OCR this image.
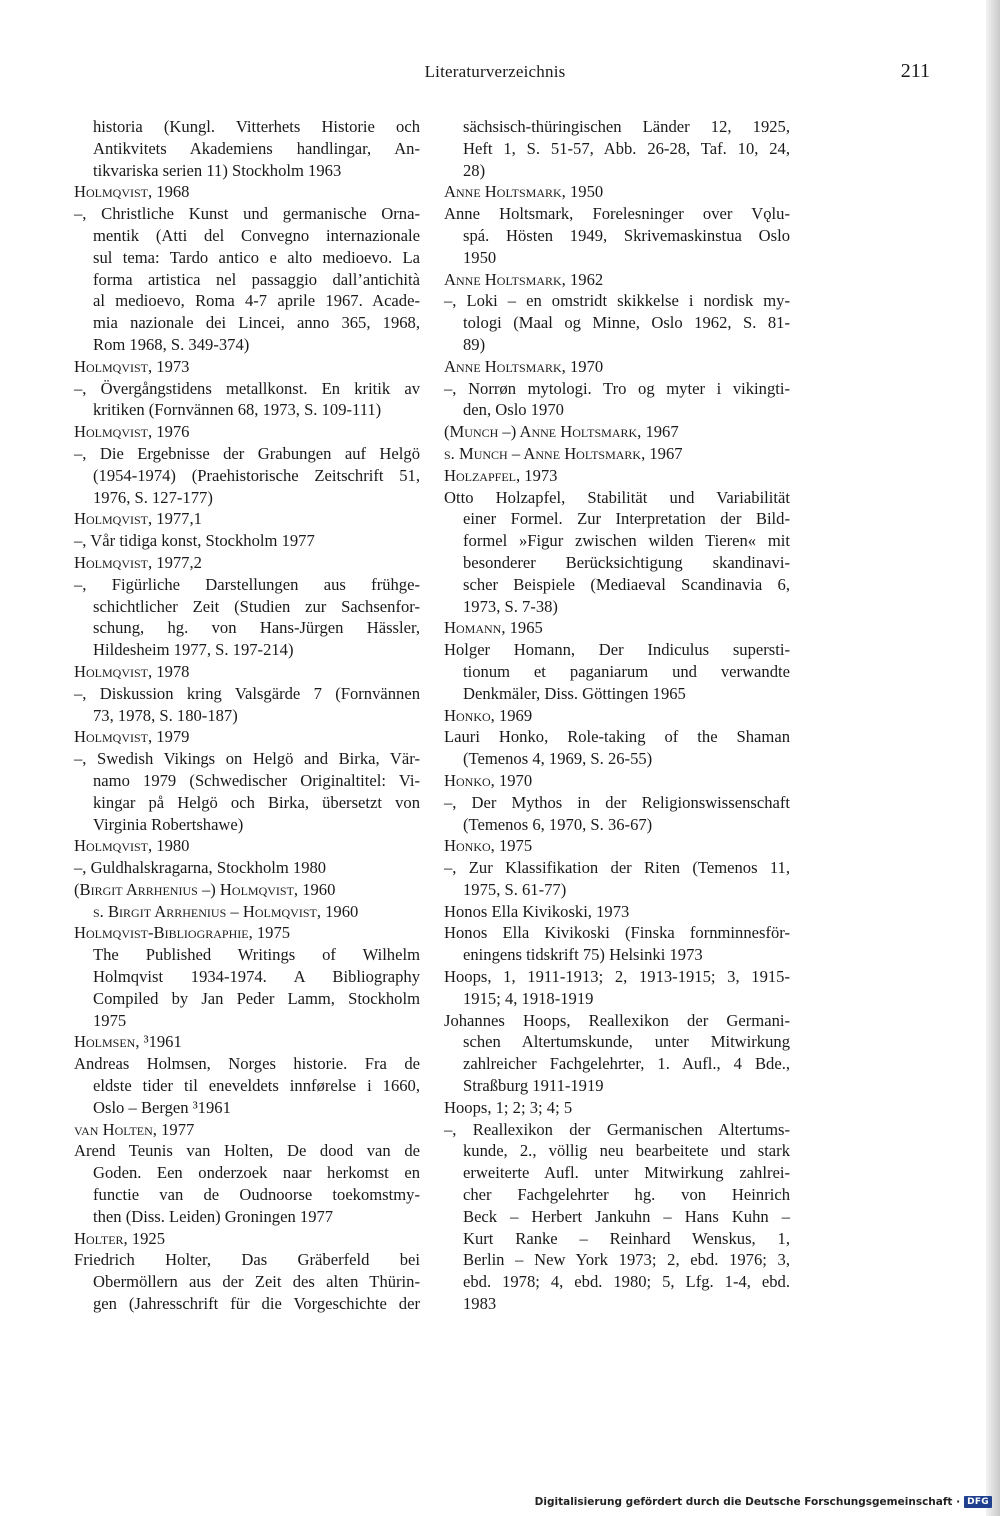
Literaturverzeichnis	211
historia (Kungl. Vitterhets Historie och
Antikvitets Akademiens handlingar, An-
tikvariska serien 11) Stockholm 1963
Holmqvist, 1968
–, Christliche Kunst und germanische Orna-
mentik (Atti del Convegno internazionale
sul tema: Tardo antico e alto medioevo. La
forma artistica nel passaggio dall’antichità
al medioevo, Roma 4-7 aprile 1967. Acade-
mia nazionale dei Lincei, anno 365, 1968,
Rom 1968, S. 349-374)
Holmqvist, 1973
–, Övergångstidens metallkonst. En kritik av
kritiken (Fornvännen 68, 1973, S. 109-111)
Holmqvist, 1976
–, Die Ergebnisse der Grabungen auf Helgö
(1954-1974) (Praehistorische Zeitschrift 51,
1976, S. 127-177)
Holmqvist, 1977,1
–, Vår tidiga konst, Stockholm 1977
Holmqvist, 1977,2
–, Figürliche Darstellungen aus frühge-
schichtlicher Zeit (Studien zur Sachsenfor-
schung, hg. von Hans-Jürgen Hässler,
Hildesheim 1977, S. 197-214)
Holmqvist, 1978
–, Diskussion kring Valsgärde 7 (Fornvännen
73, 1978, S. 180-187)
Holmqvist, 1979
–, Swedish Vikings on Helgö and Birka, Vär-
namo 1979 (Schwedischer Originaltitel: Vi-
kingar på Helgö och Birka, übersetzt von
Virginia Robertshawe)
Holmqvist, 1980
–, Guldhalskragarna, Stockholm 1980
(Birgit Arrhenius –) Holmqvist, 1960
s. Birgit Arrhenius – Holmqvist, 1960
Holmqvist-Bibliographie, 1975
The Published Writings of Wilhelm
Holmqvist 1934-1974. A Bibliography
Compiled by Jan Peder Lamm, Stockholm
1975
Holmsen, ³1961
Andreas Holmsen, Norges historie. Fra de
eldste tider til eneveldets innførelse i 1660,
Oslo – Bergen ³1961
van Holten, 1977
Arend Teunis van Holten, De dood van de
Goden. Een onderzoek naar herkomst en
functie van de Oudnoorse toekomstmy-
then (Diss. Leiden) Groningen 1977
Holter, 1925
Friedrich Holter, Das Gräberfeld bei
Obermöllern aus der Zeit des alten Thürin-
gen (Jahresschrift für die Vorgeschichte der
sächsisch-thüringischen Länder 12, 1925,
Heft 1, S. 51-57, Abb. 26-28, Taf. 10, 24,
28)
Anne Holtsmark, 1950
Anne Holtsmark, Forelesninger over Vǫlu-
spá. Hösten 1949, Skrivemaskinstua Oslo
1950
Anne Holtsmark, 1962
–, Loki – en omstridt skikkelse i nordisk my-
tologi (Maal og Minne, Oslo 1962, S. 81-
89)
Anne Holtsmark, 1970
–, Norrøn mytologi. Tro og myter i vikingti-
den, Oslo 1970
(Munch –) Anne Holtsmark, 1967
s. Munch – Anne Holtsmark, 1967
Holzapfel, 1973
Otto Holzapfel, Stabilität und Variabilität
einer Formel. Zur Interpretation der Bild-
formel »Figur zwischen wilden Tieren« mit
besonderer Berücksichtigung skandinavi-
scher Beispiele (Mediaeval Scandinavia 6,
1973, S. 7-38)
Homann, 1965
Holger Homann, Der Indiculus supersti-
tionum et paganiarum und verwandte
Denkmäler, Diss. Göttingen 1965
Honko, 1969
Lauri Honko, Role-taking of the Shaman
(Temenos 4, 1969, S. 26-55)
Honko, 1970
–, Der Mythos in der Religionswissenschaft
(Temenos 6, 1970, S. 36-67)
Honko, 1975
–, Zur Klassifikation der Riten (Temenos 11,
1975, S. 61-77)
Honos Ella Kivikoski, 1973
Honos Ella Kivikoski (Finska fornminnesför-
eningens tidskrift 75) Helsinki 1973
Hoops, 1, 1911-1913; 2, 1913-1915; 3, 1915-
1915; 4, 1918-1919
Johannes Hoops, Reallexikon der Germani-
schen Altertumskunde, unter Mitwirkung
zahlreicher Fachgelehrter, 1. Aufl., 4 Bde.,
Straßburg 1911-1919
Hoops, 1; 2; 3; 4; 5
–, Reallexikon der Germanischen Altertums-
kunde, 2., völlig neu bearbeitete und stark
erweiterte Aufl. unter Mitwirkung zahlrei-
cher Fachgelehrter hg. von Heinrich
Beck – Herbert Jankuhn – Hans Kuhn –
Kurt Ranke – Reinhard Wenskus, 1,
Berlin – New York 1973; 2, ebd. 1976; 3,
ebd. 1978; 4, ebd. 1980; 5, Lfg. 1-4, ebd.
1983
Digitalisierung gefördert durch die Deutsche Forschungsgemeinschaft · DFG
